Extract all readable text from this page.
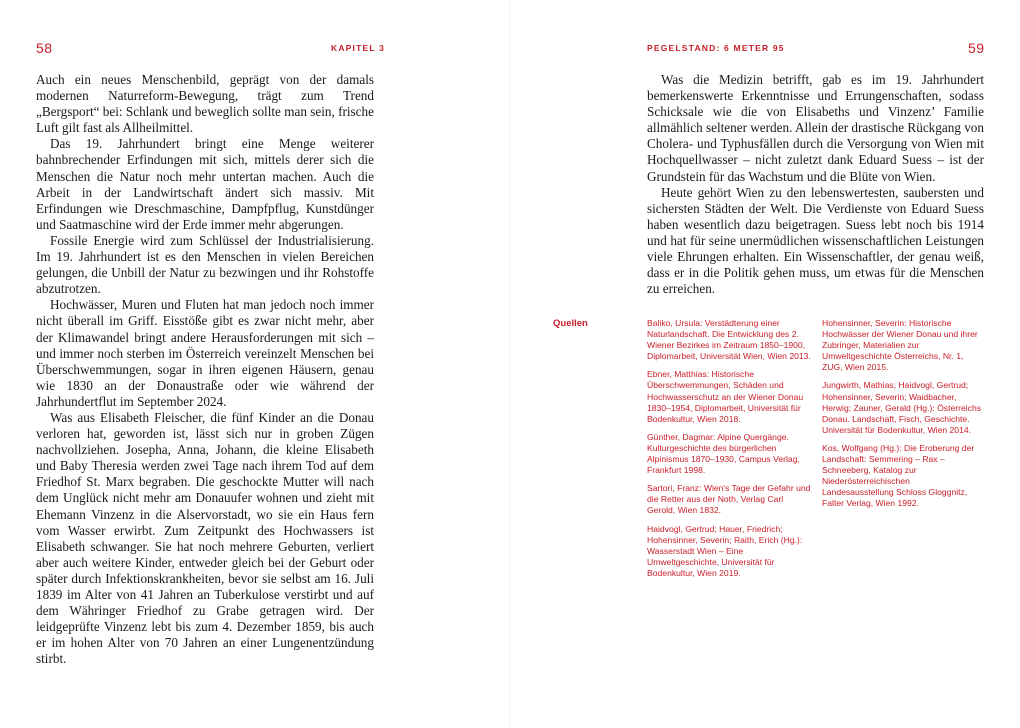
58	KAPITEL 3

Auch ein neues Menschenbild, geprägt von der damals modernen Naturreform-Bewegung, trägt zum Trend „Bergsport“ bei: Schlank und beweglich sollte man sein, frische Luft gilt fast als Allheilmittel.

Das 19. Jahrhundert bringt eine Menge weiterer bahnbrechender Erfindungen mit sich, mittels derer sich die Menschen die Natur noch mehr untertan machen. Auch die Arbeit in der Landwirtschaft ändert sich massiv. Mit Erfindungen wie Dreschmaschine, Dampfpflug, Kunstdünger und Saatmaschine wird der Erde immer mehr abgerungen.

Fossile Energie wird zum Schlüssel der Industrialisierung. Im 19. Jahrhundert ist es den Menschen in vielen Bereichen gelungen, die Unbill der Natur zu bezwingen und ihr Rohstoffe abzutrotzen.

Hochwässer, Muren und Fluten hat man jedoch noch immer nicht überall im Griff. Eisstöße gibt es zwar nicht mehr, aber der Klimawandel bringt andere Herausforderungen mit sich – und immer noch sterben im Österreich vereinzelt Menschen bei Überschwemmungen, sogar in ihren eigenen Häusern, genau wie 1830 an der Donaustraße oder wie während der Jahrhundertflut im September 2024.

Was aus Elisabeth Fleischer, die fünf Kinder an die Donau verloren hat, geworden ist, lässt sich nur in groben Zügen nachvollziehen. Josepha, Anna, Johann, die kleine Elisabeth und Baby Theresia werden zwei Tage nach ihrem Tod auf dem Friedhof St. Marx begraben. Die geschockte Mutter will nach dem Unglück nicht mehr am Donauufer wohnen und zieht mit Ehemann Vinzenz in die Alservorstadt, wo sie ein Haus fern vom Wasser erwirbt. Zum Zeitpunkt des Hochwassers ist Elisabeth schwanger. Sie hat noch mehrere Geburten, verliert aber auch weitere Kinder, entweder gleich bei der Geburt oder später durch Infektionskrankheiten, bevor sie selbst am 16. Juli 1839 im Alter von 41 Jahren an Tuberkulose verstirbt und auf dem Währinger Friedhof zu Grabe getragen wird. Der leidgeprüfte Vinzenz lebt bis zum 4. Dezember 1859, bis auch er im hohen Alter von 70 Jahren an einer Lungenentzündung stirbt.

PEGELSTAND: 6 METER 95	59

Was die Medizin betrifft, gab es im 19. Jahrhundert bemerkenswerte Erkenntnisse und Errungenschaften, sodass Schicksale wie die von Elisabeths und Vinzenz’ Familie allmählich seltener werden. Allein der drastische Rückgang von Cholera- und Typhusfällen durch die Versorgung von Wien mit Hochquellwasser – nicht zuletzt dank Eduard Suess – ist der Grundstein für das Wachstum und die Blüte von Wien.

Heute gehört Wien zu den lebenswertesten, saubersten und sichersten Städten der Welt. Die Verdienste von Eduard Suess haben wesentlich dazu beigetragen. Suess lebt noch bis 1914 und hat für seine unermüdlichen wissenschaftlichen Leistungen viele Ehrungen erhalten. Ein Wissenschaftler, der genau weiß, dass er in die Politik gehen muss, um etwas für die Menschen zu erreichen.

Quellen	Baliko, Ursula: Verstädterung einer Naturlandschaft. Die Entwicklung des 2. Wiener Bezirkes im Zeitraum 1850–1900, Diplomarbeit, Universität Wien, Wien 2013.

Ebner, Matthias: Historische Überschwemmungen, Schäden und Hochwasserschutz an der Wiener Donau 1830–1954, Diplomarbeit, Universität für Bodenkultur, Wien 2018.

Günther, Dagmar: Alpine Quergänge. Kulturgeschichte des bürgerlichen Alpinismus 1870–1930, Campus Verlag, Frankfurt 1998.

Sartori, Franz: Wien's Tage der Gefahr und die Retter aus der Noth, Verlag Carl Gerold, Wien 1832.

Haidvogl, Gertrud; Hauer, Friedrich; Hohensinner, Severin; Raith, Erich (Hg.): Wasserstadt Wien – Eine Umweltgeschichte, Universität für Bodenkultur, Wien 2019.

Hohensinner, Severin: Historische Hochwässer der Wiener Donau und ihrer Zubringer, Materialien zur Umweltgeschichte Österreichs, Nr. 1, ZUG, Wien 2015.

Jungwirth, Mathias; Haidvogl, Gertrud; Hohensinner, Severin; Waidbacher, Herwig; Zauner, Gerald (Hg.): Österreichs Donau. Landschaft, Fisch, Geschichte. Universität für Bodenkultur, Wien 2014.

Kos, Wolfgang (Hg.): Die Eroberung der Landschaft: Semmering – Rax – Schneeberg, Katalog zur Niederösterreichischen Landesausstellung Schloss Gloggnitz, Falter Verlag, Wien 1992.
